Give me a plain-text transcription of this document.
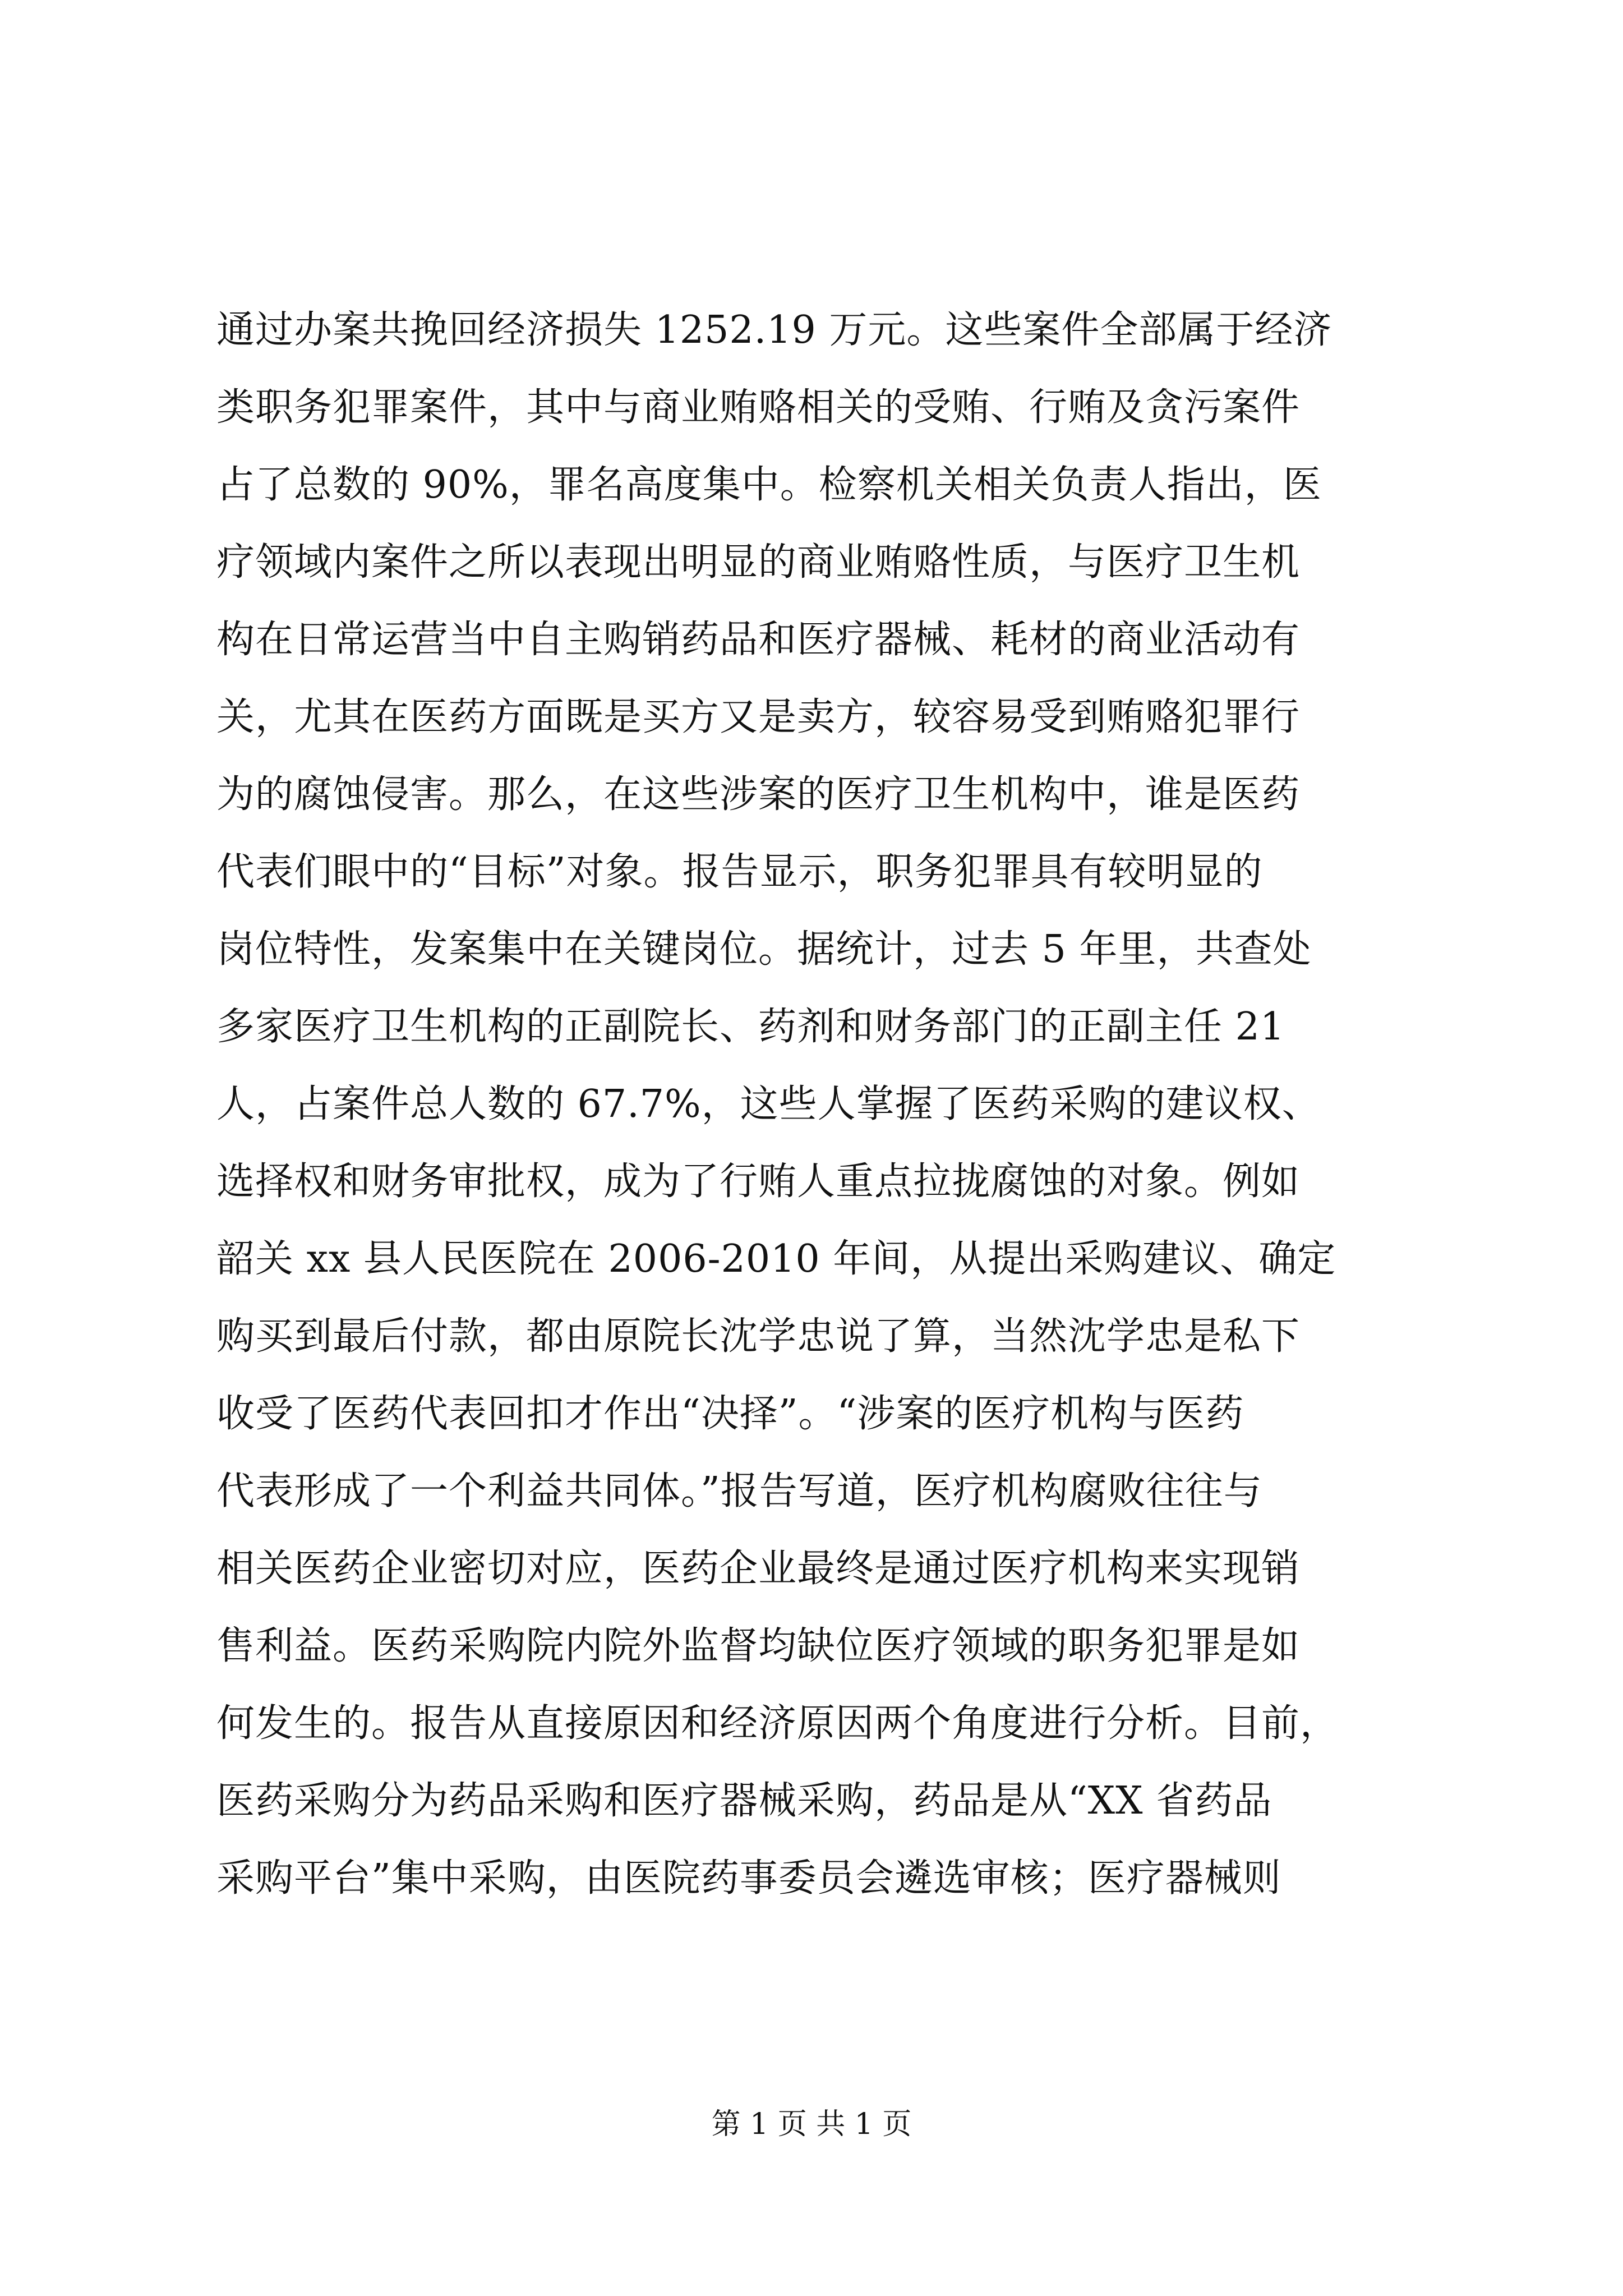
通过办案共挽回经济损失 1252.19 万元。这些案件全部属于经济
类职务犯罪案件，其中与商业贿赂相关的受贿、行贿及贪污案件
占了总数的 90%，罪名高度集中。检察机关相关负责人指出，医
疗领域内案件之所以表现出明显的商业贿赂性质，与医疗卫生机
构在日常运营当中自主购销药品和医疗器械、耗材的商业活动有
关，尤其在医药方面既是买方又是卖方，较容易受到贿赂犯罪行
为的腐蚀侵害。那么，在这些涉案的医疗卫生机构中，谁是医药
代表们眼中的“目标”对象。报告显示，职务犯罪具有较明显的
岗位特性，发案集中在关键岗位。据统计，过去 5 年里，共查处
多家医疗卫生机构的正副院长、药剂和财务部门的正副主任 21
人，占案件总人数的 67.7%，这些人掌握了医药采购的建议权、
选择权和财务审批权，成为了行贿人重点拉拢腐蚀的对象。例如
韶关 xx 县人民医院在 2006-2010 年间，从提出采购建议、确定
购买到最后付款，都由原院长沈学忠说了算，当然沈学忠是私下
收受了医药代表回扣才作出“决择”。“涉案的医疗机构与医药
代表形成了一个利益共同体。”报告写道，医疗机构腐败往往与
相关医药企业密切对应，医药企业最终是通过医疗机构来实现销
售利益。医药采购院内院外监督均缺位医疗领域的职务犯罪是如
何发生的。报告从直接原因和经济原因两个角度进行分析。目前，
医药采购分为药品采购和医疗器械采购，药品是从“XX 省药品
采购平台”集中采购，由医院药事委员会遴选审核；医疗器械则
第 1 页 共 1 页
